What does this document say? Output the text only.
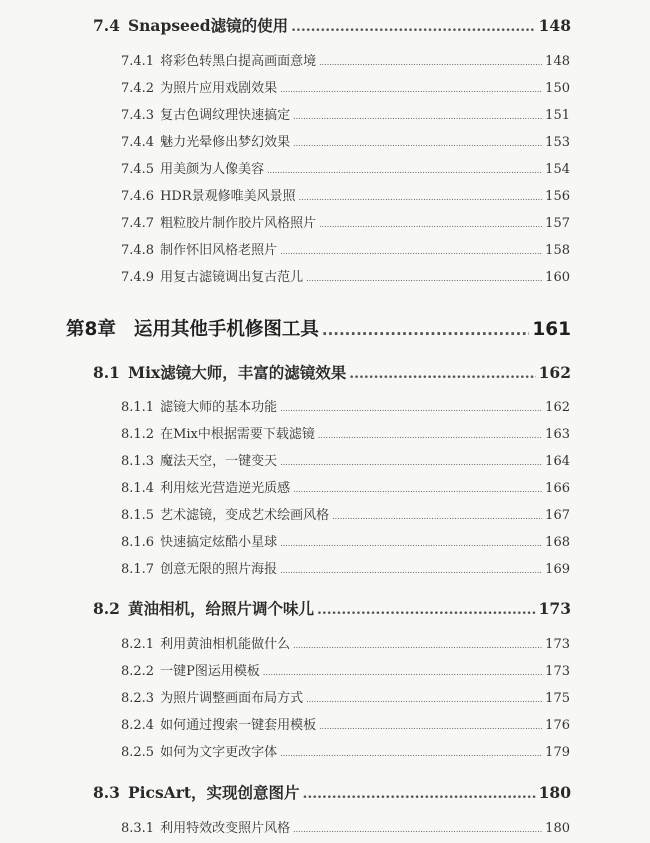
7.4 Snapseed滤镜的使用 .....	148
7.4.1 将彩色转黑白提高画面意境 .....	148
7.4.2 为照片应用戏剧效果 .....	150
7.4.3 复古色调纹理快速搞定 .....	151
7.4.4 魅力光晕修出梦幻效果 .....	153
7.4.5 用美颜为人像美容 .....	154
7.4.6 HDR景观修唯美风景照 .....	156
7.4.7 粗粒胶片制作胶片风格照片 .....	157
7.4.8 制作怀旧风格老照片 .....	158
7.4.9 用复古滤镜调出复古范儿 .....	160
第8章 运用其他手机修图工具 .....	161
8.1 Mix滤镜大师，丰富的滤镜效果 .....	162
8.1.1 滤镜大师的基本功能 .....	162
8.1.2 在Mix中根据需要下载滤镜 .....	163
8.1.3 魔法天空，一键变天 .....	164
8.1.4 利用炫光营造逆光质感 .....	166
8.1.5 艺术滤镜，变成艺术绘画风格 .....	167
8.1.6 快速搞定炫酷小星球 .....	168
8.1.7 创意无限的照片海报 .....	169
8.2 黄油相机，给照片调个味儿 .....	173
8.2.1 利用黄油相机能做什么 .....	173
8.2.2 一键P图运用模板 .....	173
8.2.3 为照片调整画面布局方式 .....	175
8.2.4 如何通过搜索一键套用模板 .....	176
8.2.5 如何为文字更改字体 .....	179
8.3 PicsArt，实现创意图片 .....	180
8.3.1 利用特效改变照片风格 .....	180
